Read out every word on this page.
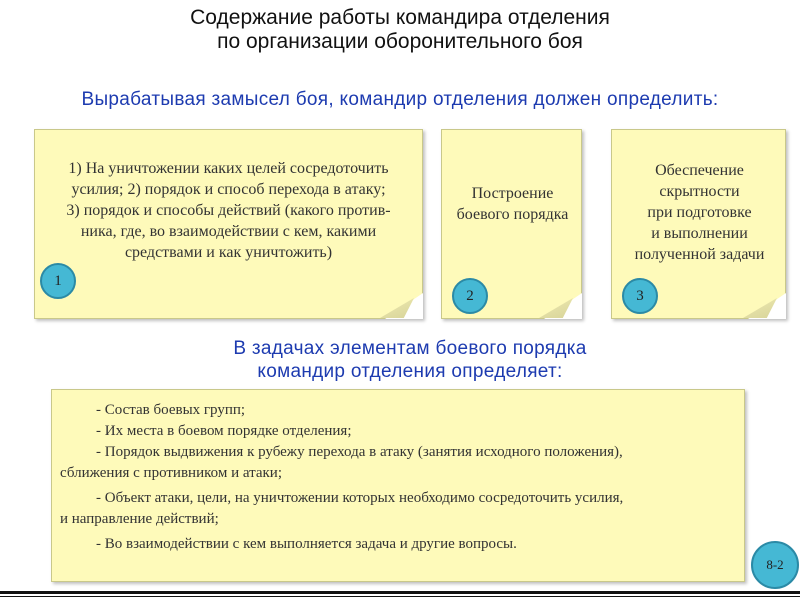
Содержание работы командира отделения
по организации оборонительного боя
Вырабатывая замысел боя, командир отделения должен определить:
1) На уничтожении каких целей сосредоточить
усилия; 2) порядок и способ перехода в атаку;
3) порядок и способы действий (какого против-
ника, где, во взаимодействии с кем, какими
средствами и как уничтожить)
1
Построение
боевого порядка
2
Обеспечение
скрытности
при подготовке
и выполнении
полученной задачи
3
В задачах элементам боевого порядка
командир отделения определяет:
- Состав боевых групп;
- Их места в боевом порядке отделения;
- Порядок выдвижения к рубежу перехода в атаку (занятия исходного положения),
сближения с противником и атаки;
- Объект атаки, цели, на уничтожении которых необходимо сосредоточить усилия,
и направление действий;
- Во взаимодействии с кем выполняется задача и другие вопросы.
8-2
